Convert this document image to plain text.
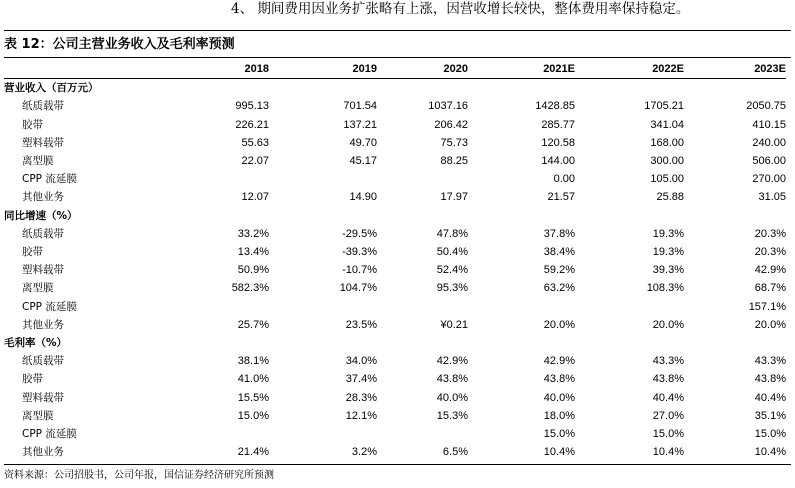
4、 期间费用因业务扩张略有上涨，因营收增长较快，整体费用率保持稳定。
表 12：公司主营业务收入及毛利率预测
	2018	2019	2020	2021E	2022E	2023E
营业收入（百万元）						
纸质载带	995.13	701.54	1037.16	1428.85	1705.21	2050.75
胶带	226.21	137.21	206.42	285.77	341.04	410.15
塑料载带	55.63	49.70	75.73	120.58	168.00	240.00
离型膜	22.07	45.17	88.25	144.00	300.00	506.00
CPP 流延膜				0.00	105.00	270.00
其他业务	12.07	14.90	17.97	21.57	25.88	31.05
同比增速（%）						
纸质载带	33.2%	-29.5%	47.8%	37.8%	19.3%	20.3%
胶带	13.4%	-39.3%	50.4%	38.4%	19.3%	20.3%
塑料载带	50.9%	-10.7%	52.4%	59.2%	39.3%	42.9%
离型膜	582.3%	104.7%	95.3%	63.2%	108.3%	68.7%
CPP 流延膜						157.1%
其他业务	25.7%	23.5%	¥0.21	20.0%	20.0%	20.0%
毛利率（%）						
纸质载带	38.1%	34.0%	42.9%	42.9%	43.3%	43.3%
胶带	41.0%	37.4%	43.8%	43.8%	43.8%	43.8%
塑料载带	15.5%	28.3%	40.0%	40.0%	40.4%	40.4%
离型膜	15.0%	12.1%	15.3%	18.0%	27.0%	35.1%
CPP 流延膜				15.0%	15.0%	15.0%
其他业务	21.4%	3.2%	6.5%	10.4%	10.4%	10.4%
资料来源：公司招股书，公司年报，国信证券经济研究所预测
